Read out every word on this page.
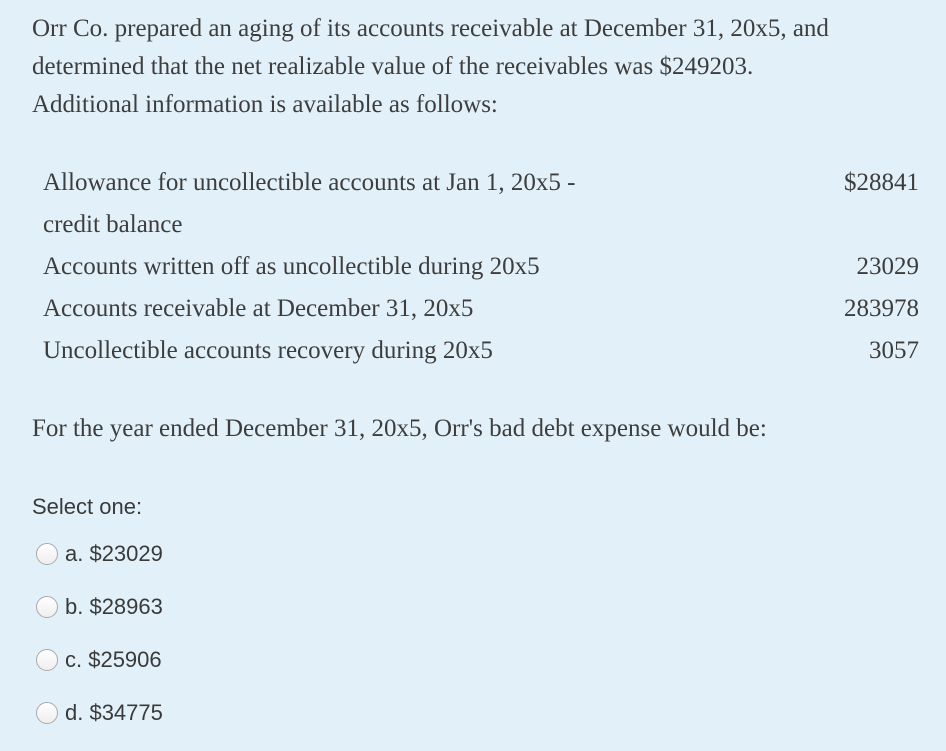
Orr Co. prepared an aging of its accounts receivable at December 31, 20x5, and

determined that the net realizable value of the receivables was $249203.

Additional information is available as follows:

Allowance for uncollectible accounts at Jan 1, 20x5 -
credit balance
$28841
Accounts written off as uncollectible during 20x5	23029
Accounts receivable at December 31, 20x5	283978
Uncollectible accounts recovery during 20x5	3057
For the year ended December 31, 20x5, Orr's bad debt expense would be:
Select one:
a. $23029
b. $28963
c. $25906
d. $34775
